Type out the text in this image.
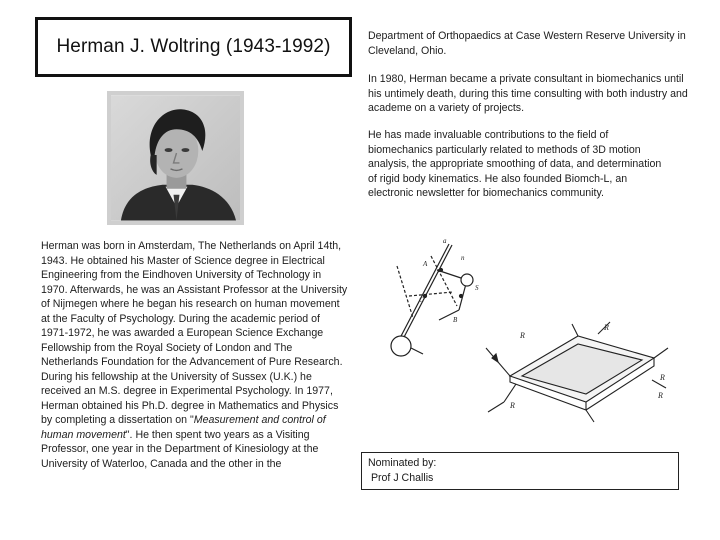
Herman J. Woltring (1943-1992)	Department of Orthopaedics at Case Western Reserve University in Cleveland, Ohio.
In 1980, Herman became a private consultant in biomechanics until his untimely death, during this time consulting with both industry and academe on a variety of projects.
He has made invaluable contributions to the field of biomechanics particularly related to methods of 3D motion analysis, the appropriate smoothing of data, and determination of rigid body kinematics. He also founded Biomch-L, an electronic newsletter for biomechanics community.
Herman was born in Amsterdam, The Netherlands on April 14th, 1943. He obtained his Master of Science degree in Electrical Engineering from the Eindhoven University of Technology in 1970. Afterwards, he was an Assistant Professor at the University of Nijmegen where he began his research on human movement at the Faculty of Psychology. During the academic period of 1971-1972, he was awarded a European Science Exchange Fellowship from the Royal Society of London and The Netherlands Foundation for the Advancement of Pure Research. During his fellowship at the University of Sussex (U.K.) he received an M.S. degree in Experimental Psychology. In 1977, Herman obtained his Ph.D. degree in Mathematics and Physics by completing a dissertation on "Measurement and control of human movement". He then spent two years as a Visiting Professor, one year in the Department of Kinesiology at the University of Waterloo, Canada and the other in the
a
n
A
B
C
S
R
R
R
R
R
Nominated by:
Prof J Challis
